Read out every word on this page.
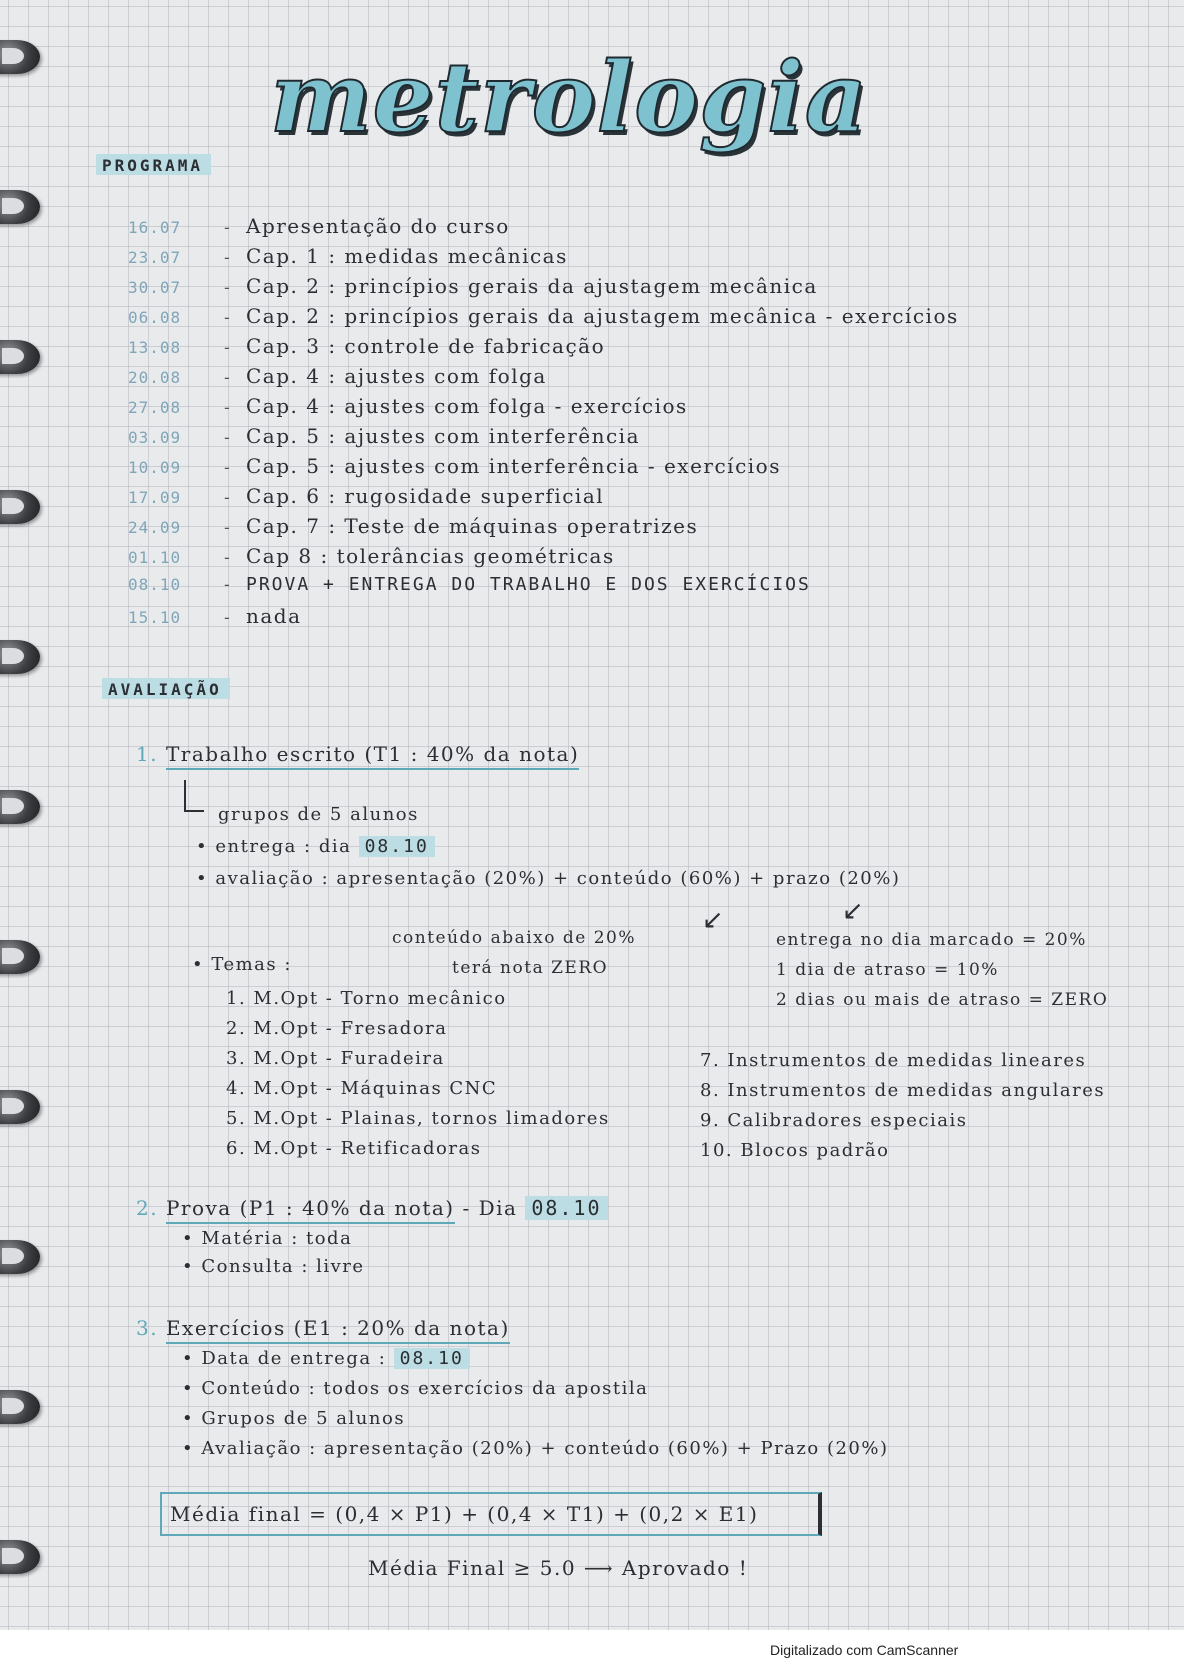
metrologia
PROGRAMA
16.07	- Apresentação do curso
23.07	- Cap. 1 : medidas mecânicas
30.07	- Cap. 2 : princípios gerais da ajustagem mecânica
06.08	- Cap. 2 : princípios gerais da ajustagem mecânica - exercícios
13.08	- Cap. 3 : controle de fabricação
20.08	- Cap. 4 : ajustes com folga
27.08	- Cap. 4 : ajustes com folga - exercícios
03.09	- Cap. 5 : ajustes com interferência
10.09	- Cap. 5 : ajustes com interferência - exercícios
17.09	- Cap. 6 : rugosidade superficial
24.09	- Cap. 7 : Teste de máquinas operatrizes
01.10	- Cap 8 : tolerâncias geométricas
08.10	- PROVA + ENTREGA DO TRABALHO E DOS EXERCÍCIOS
15.10	- nada
AVALIAÇÃO
1. Trabalho escrito (T1 : 40% da nota)
grupos de 5 alunos
• entrega : dia 08.10
• avaliação : apresentação (20%) + conteúdo (60%) + prazo (20%)
↙	↙
conteúdo abaixo de 20%
terá nota ZERO
entrega no dia marcado = 20%
1 dia de atraso = 10%
2 dias ou mais de atraso = ZERO
• Temas :
1. M.Opt - Torno mecânico
2. M.Opt - Fresadora
3. M.Opt - Furadeira
4. M.Opt - Máquinas CNC
5. M.Opt - Plainas, tornos limadores
6. M.Opt - Retificadoras
7. Instrumentos de medidas lineares
8. Instrumentos de medidas angulares
9. Calibradores especiais
10. Blocos padrão
2. Prova (P1 : 40% da nota) - Dia 08.10
• Matéria : toda
• Consulta : livre
3. Exercícios (E1 : 20% da nota)
• Data de entrega : 08.10
• Conteúdo : todos os exercícios da apostila
• Grupos de 5 alunos
• Avaliação : apresentação (20%) + conteúdo (60%) + Prazo (20%)
Média final = (0,4 × P1) + (0,4 × T1) + (0,2 × E1)
Média Final ≥ 5.0 ⟶ Aprovado !
Digitalizado com CamScanner
